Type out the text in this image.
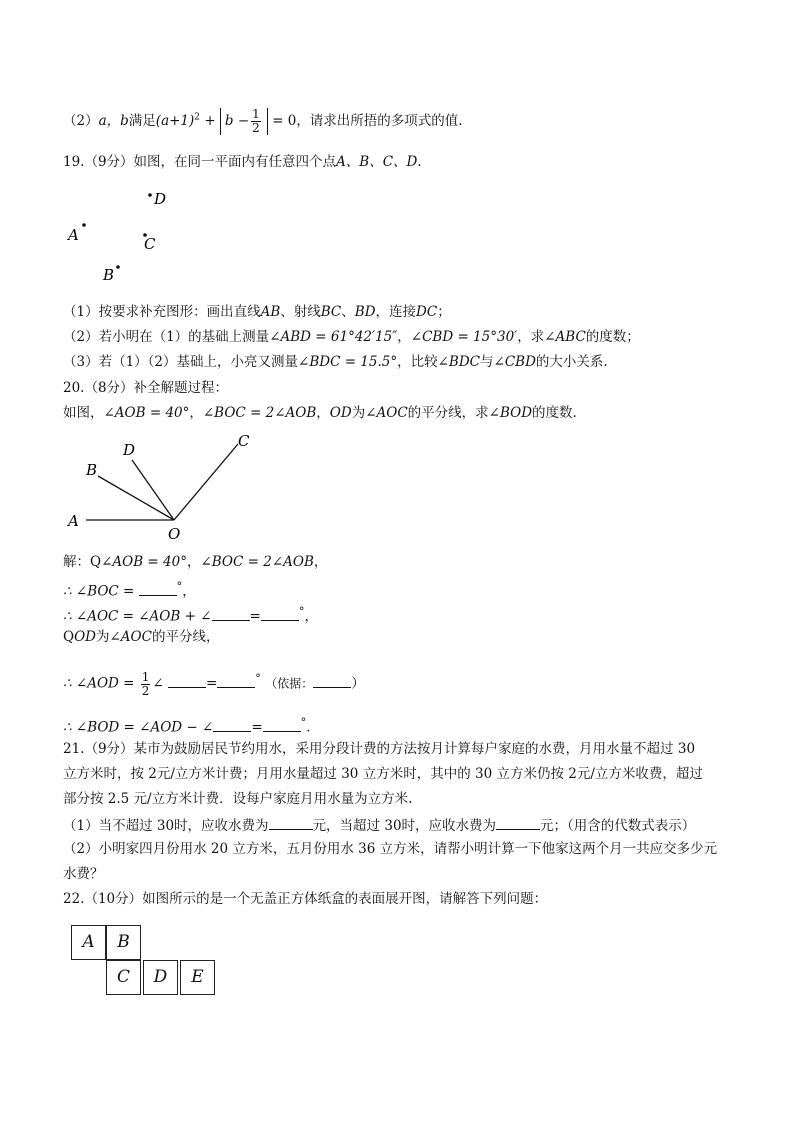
（2）a，b满足$(a+1)^2 + b - \frac{1}{2} = 0$，请求出所捂的多项式的值.
19.（9分）如图，在同一平面内有任意四个点A、B、C、D.
D
A	C
B
（1）按要求补充图形：画出直线AB、射线BC、BD，连接DC；
（2）若小明在（1）的基础上测量∠ABD = 61°42′15″，∠CBD = 15°30′，求∠ABC的度数；
（3）若（1）（2）基础上，小亮又测量∠BDC = 15.5°，比较∠BDC与∠CBD的大小关系.
20.（8分）补全解题过程：
如图，∠AOB = 40°，∠BOC = 2∠AOB，OD为∠AOC的平分线，求∠BOD的度数.
A
B
D	C
O
解：Q∠AOB = 40°，∠BOC = 2∠AOB，
∴ ∠BOC =	°，
∴ ∠AOC = ∠AOB + ∠	=	°，
QOD为∠AOC的平分线，
∴ ∠AOD = $\frac{1}{2}$ ∠	=	° （依据：	）
∴ ∠BOD = ∠AOD − ∠	=	°.
21.（9分）某市为鼓励居民节约用水，采用分段计费的方法按月计算每户家庭的水费，月用水量不超过 30
立方米时，按 2元/立方米计费；月用水量超过 30 立方米时，其中的 30 立方米仍按 2元/立方米收费，超过
部分按 2.5 元/立方米计费．设每户家庭月用水量为立方米.
（1）当不超过 30时，应收水费为	元，当超过 30时，应收水费为	元；（用含的代数式表示）
（2）小明家四月份用水 20 立方米，五月份用水 36 立方米，请帮小明计算一下他家这两个月一共应交多少元
水费？
22.（10分）如图所示的是一个无盖正方体纸盒的表面展开图，请解答下列问题：
A	B
C	D	E
